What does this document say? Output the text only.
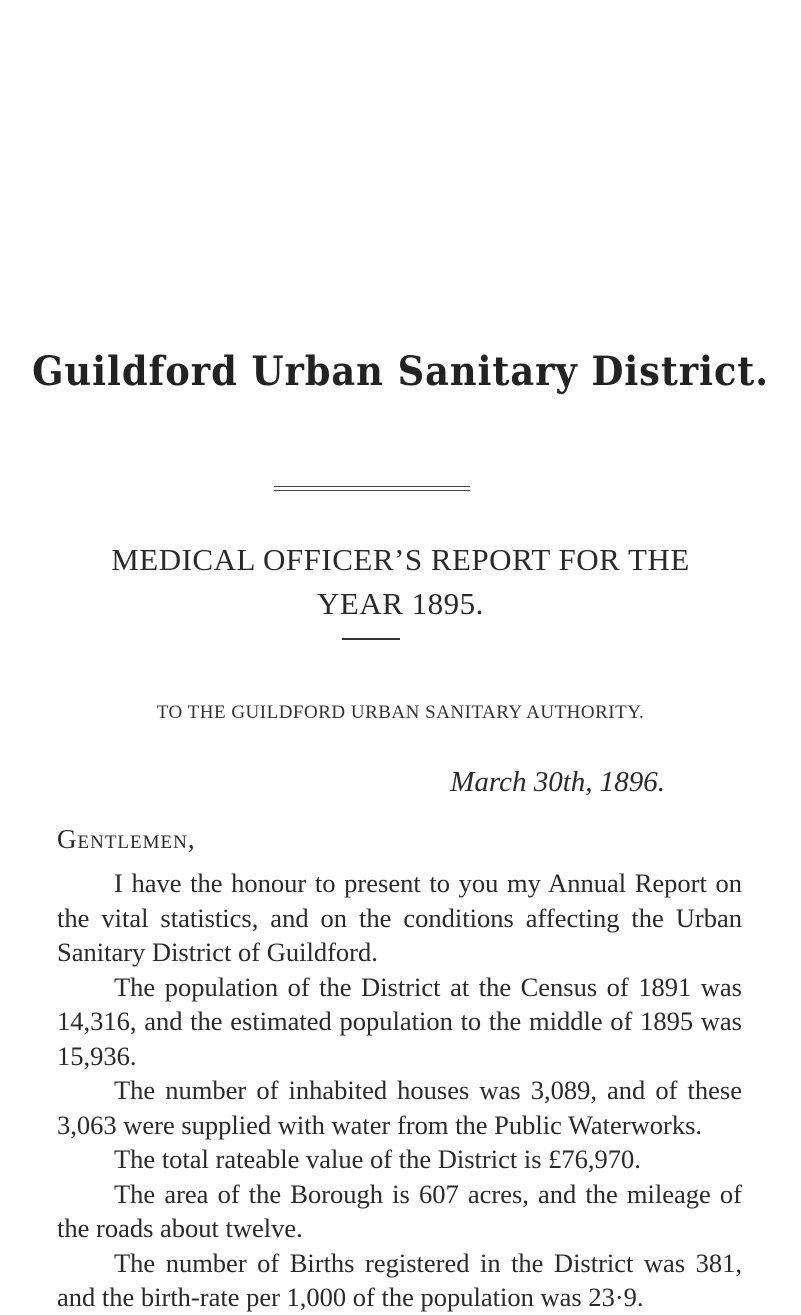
Guildford Urban Sanitary District.
MEDICAL OFFICER’S REPORT FOR THE
YEAR 1895.
TO THE GUILDFORD URBAN SANITARY AUTHORITY.
March 30th, 1896.
Gentlemen,

I have the honour to present to you my Annual Report on the vital statistics, and on the conditions affecting the Urban Sanitary District of Guildford.

The population of the District at the Census of 1891 was 14,316, and the estimated population to the middle of 1895 was 15,936.

The number of inhabited houses was 3,089, and of these 3,063 were supplied with water from the Public Waterworks.

The total rateable value of the District is £76,970.

The area of the Borough is 607 acres, and the mileage of the roads about twelve.

The number of Births registered in the District was 381, and the birth-rate per 1,000 of the population was 23·9.
